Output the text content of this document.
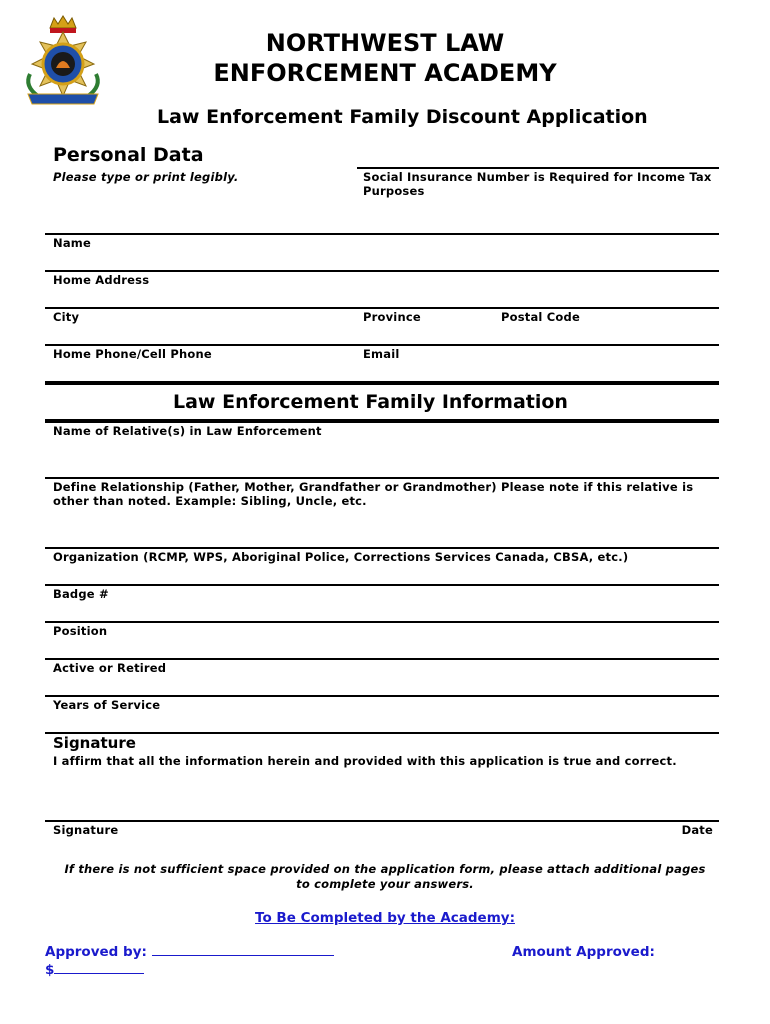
NORTHWEST LAW
ENFORCEMENT ACADEMY
Law Enforcement Family Discount Application
Personal Data
Please type or print legibly.	Social Insurance Number is Required for Income Tax Purposes
Name
Home Address
City	Province	Postal Code
Home Phone/Cell Phone	Email
Law Enforcement Family Information
Name of Relative(s) in Law Enforcement
Define Relationship (Father, Mother, Grandfather or Grandmother) Please note if this relative is other than noted. Example: Sibling, Uncle, etc.
Organization (RCMP, WPS, Aboriginal Police, Corrections Services Canada, CBSA, etc.)
Badge #
Position
Active or Retired
Years of Service
Signature
I affirm that all the information herein and provided with this application is true and correct.
Signature	Date
If there is not sufficient space provided on the application form, please attach additional pages to complete your answers.
To Be Completed by the Academy:
Approved by:	Amount Approved:
$
